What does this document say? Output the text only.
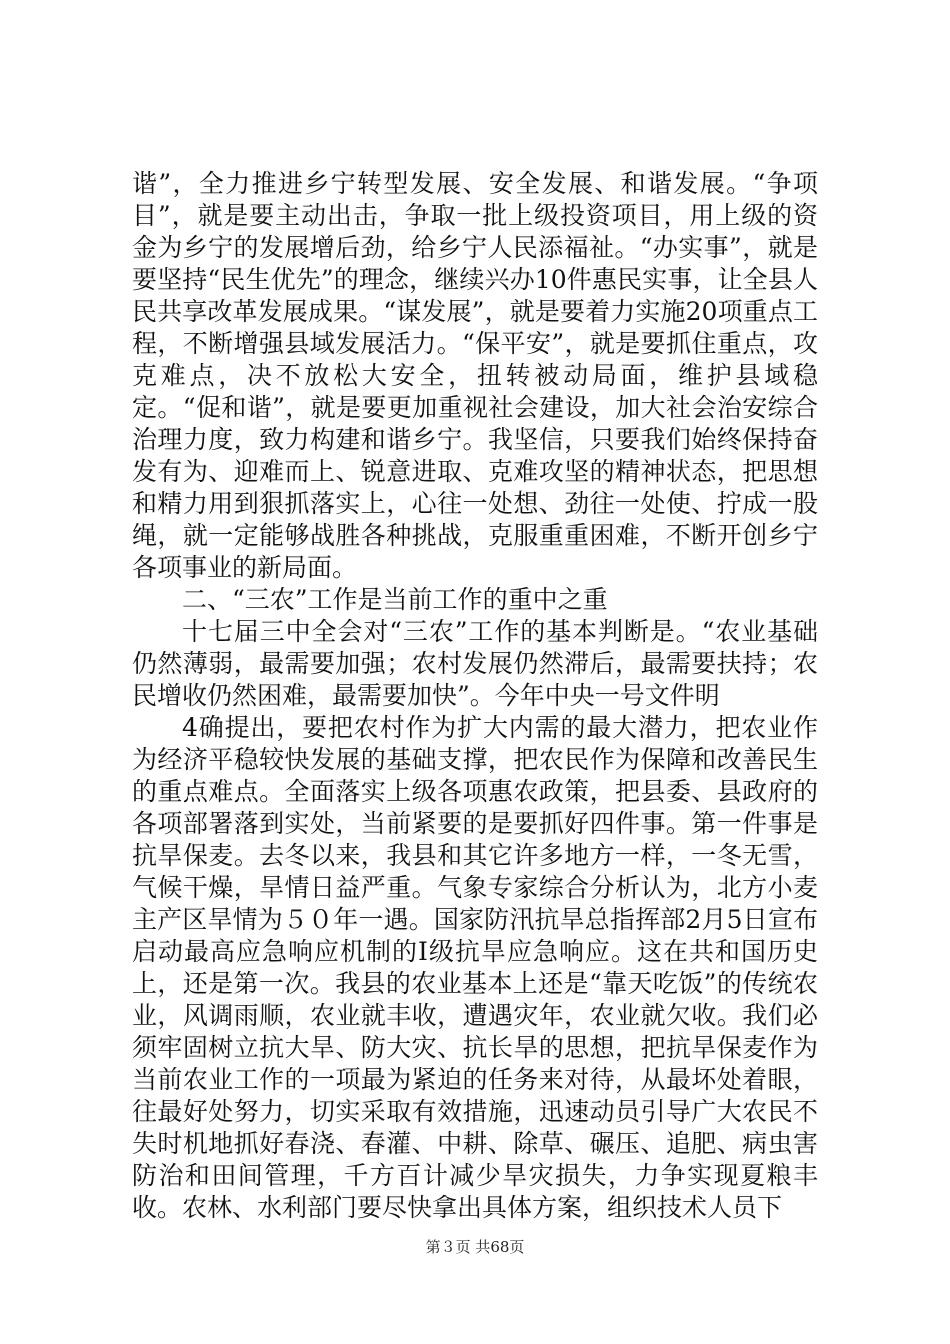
谐”，全力推进乡宁转型发展、安全发展、和谐发展。“争项目”，就是要主动出击，争取一批上级投资项目，用上级的资金为乡宁的发展增后劲，给乡宁人民添福祉。“办实事”，就是要坚持“民生优先”的理念，继续兴办10件惠民实事，让全县人民共享改革发展成果。“谋发展”，就是要着力实施20项重点工程，不断增强县域发展活力。“保平安”，就是要抓住重点，攻克难点，决不放松大安全，扭转被动局面，维护县域稳定。“促和谐”，就是要更加重视社会建设，加大社会治安综合治理力度，致力构建和谐乡宁。我坚信，只要我们始终保持奋发有为、迎难而上、锐意进取、克难攻坚的精神状态，把思想和精力用到狠抓落实上，心往一处想、劲往一处使、拧成一股绳，就一定能够战胜各种挑战，克服重重困难，不断开创乡宁各项事业的新局面。

二、“三农”工作是当前工作的重中之重

十七届三中全会对“三农”工作的基本判断是。“农业基础仍然薄弱，最需要加强；农村发展仍然滞后，最需要扶持；农民增收仍然困难，最需要加快”。今年中央一号文件明

4确提出，要把农村作为扩大内需的最大潜力，把农业作为经济平稳较快发展的基础支撑，把农民作为保障和改善民生的重点难点。全面落实上级各项惠农政策，把县委、县政府的各项部署落到实处，当前紧要的是要抓好四件事。第一件事是抗旱保麦。去冬以来，我县和其它许多地方一样，一冬无雪，气候干燥，旱情日益严重。气象专家综合分析认为，北方小麦主产区旱情为５０年一遇。国家防汛抗旱总指挥部2月5日宣布启动最高应急响应机制的Ⅰ级抗旱应急响应。这在共和国历史上，还是第一次。我县的农业基本上还是“靠天吃饭”的传统农业，风调雨顺，农业就丰收，遭遇灾年，农业就欠收。我们必须牢固树立抗大旱、防大灾、抗长旱的思想，把抗旱保麦作为当前农业工作的一项最为紧迫的任务来对待，从最坏处着眼，往最好处努力，切实采取有效措施，迅速动员引导广大农民不失时机地抓好春浇、春灌、中耕、除草、碾压、追肥、病虫害防治和田间管理，千方百计减少旱灾损失，力争实现夏粮丰收。农林、水利部门要尽快拿出具体方案，组织技术人员下

第３页 共68页
